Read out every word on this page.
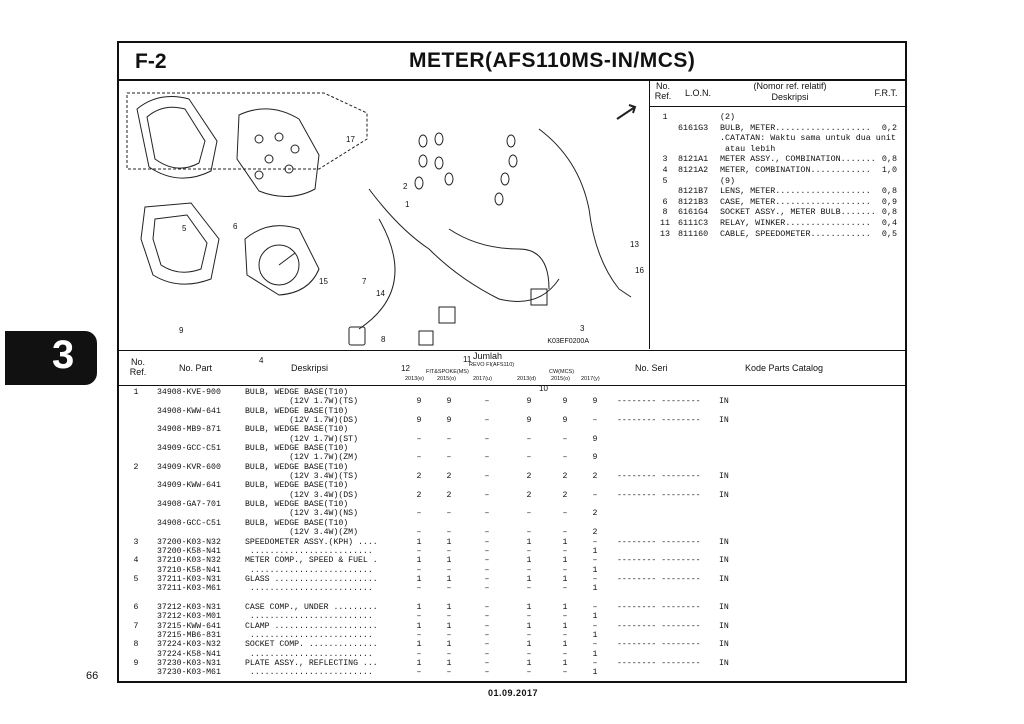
3
66
01.09.2017
F-2	METER(AFS110MS-IN/MCS)
5
9
6
15
4
17
2
1
7
14
8
11
12
10
3
13
16
K03EF0200A
No.
Ref.	L.O.N.
(Nomor ref. relatif)
Deskripsi	F.R.T.
1	(2)
6161G3 BULB, METER................... 0,2
.CATATAN: Waktu sama untuk dua unit
atau lebih
3	8121A1 METER ASSY., COMBINATION....... 0,8
4	8121A2 METER, COMBINATION............ 1,0
5	(9)
8121B7 LENS, METER................... 0,8
6	8121B3 CASE, METER................... 0,9
8	6161G4 SOCKET ASSY., METER BULB....... 0,8
11 6111C3 RELAY, WINKER................. 0,4
13 811160 CABLE, SPEEDOMETER............ 0,5
No.
Ref.	No. Part	Deskripsi
Jumlah
REVO FI(AFS110)
FIT&SPOKE(MS)	CW(MCS)
2013(e) 2015(o)	2017(u)	2013(d)	2015(o) 2017(y)
No. Seri	Kode Parts Catalog
1	34908-KVE-900	BULB, WEDGE BASE(T10)
(12V 1.7W)(TS)	9	9	–	9	9	9	-------- -------- IN
34908-KWW-641	BULB, WEDGE BASE(T10)
(12V 1.7W)(DS)	9	9	–	9	9	–	-------- -------- IN
34908-MB9-871	BULB, WEDGE BASE(T10)
(12V 1.7W)(ST)	–	–	–	–	–	9
34909-GCC-C51	BULB, WEDGE BASE(T10)
(12V 1.7W)(ZM)	–	–	–	–	–	9
2	34909-KVR-600	BULB, WEDGE BASE(T10)
(12V 3.4W)(TS)	2	2	–	2	2	2	-------- -------- IN
34909-KWW-641	BULB, WEDGE BASE(T10)
(12V 3.4W)(DS)	2	2	–	2	2	–	-------- -------- IN
34908-GA7-701	BULB, WEDGE BASE(T10)
(12V 3.4W)(NS)	–	–	–	–	–	2
34908-GCC-C51	BULB, WEDGE BASE(T10)
(12V 3.4W)(ZM)	–	–	–	–	–	2
3	37200-K03-N32	SPEEDOMETER ASSY.(KPH) ....	1	1	–	1	1	–	-------- -------- IN
37200-K58-N41	.........................	–	–	–	–	–	1
4	37210-K03-N32	METER COMP., SPEED & FUEL .	1	1	–	1	1	–	-------- -------- IN
37210-K58-N41	.........................	–	–	–	–	–	1
5	37211-K03-N31	GLASS .....................	1	1	–	1	1	–	-------- -------- IN
37211-K03-M61	.........................	–	–	–	–	–	1
6	37212-K03-N31	CASE COMP., UNDER .........	1	1	–	1	1	–	-------- -------- IN
37212-K03-M01	.........................	–	–	–	–	–	1
7	37215-KWW-641	CLAMP .....................	1	1	–	1	1	–	-------- -------- IN
37215-MB6-831	.........................	–	–	–	–	–	1
8	37224-K03-N32	SOCKET COMP. ..............	1	1	–	1	1	–	-------- -------- IN
37224-K58-N41	.........................	–	–	–	–	–	1
9	37230-K03-N31	PLATE ASSY., REFLECTING ...	1	1	–	1	1	–	-------- -------- IN
37230-K03-M61	.........................	–	–	–	–	–	1
